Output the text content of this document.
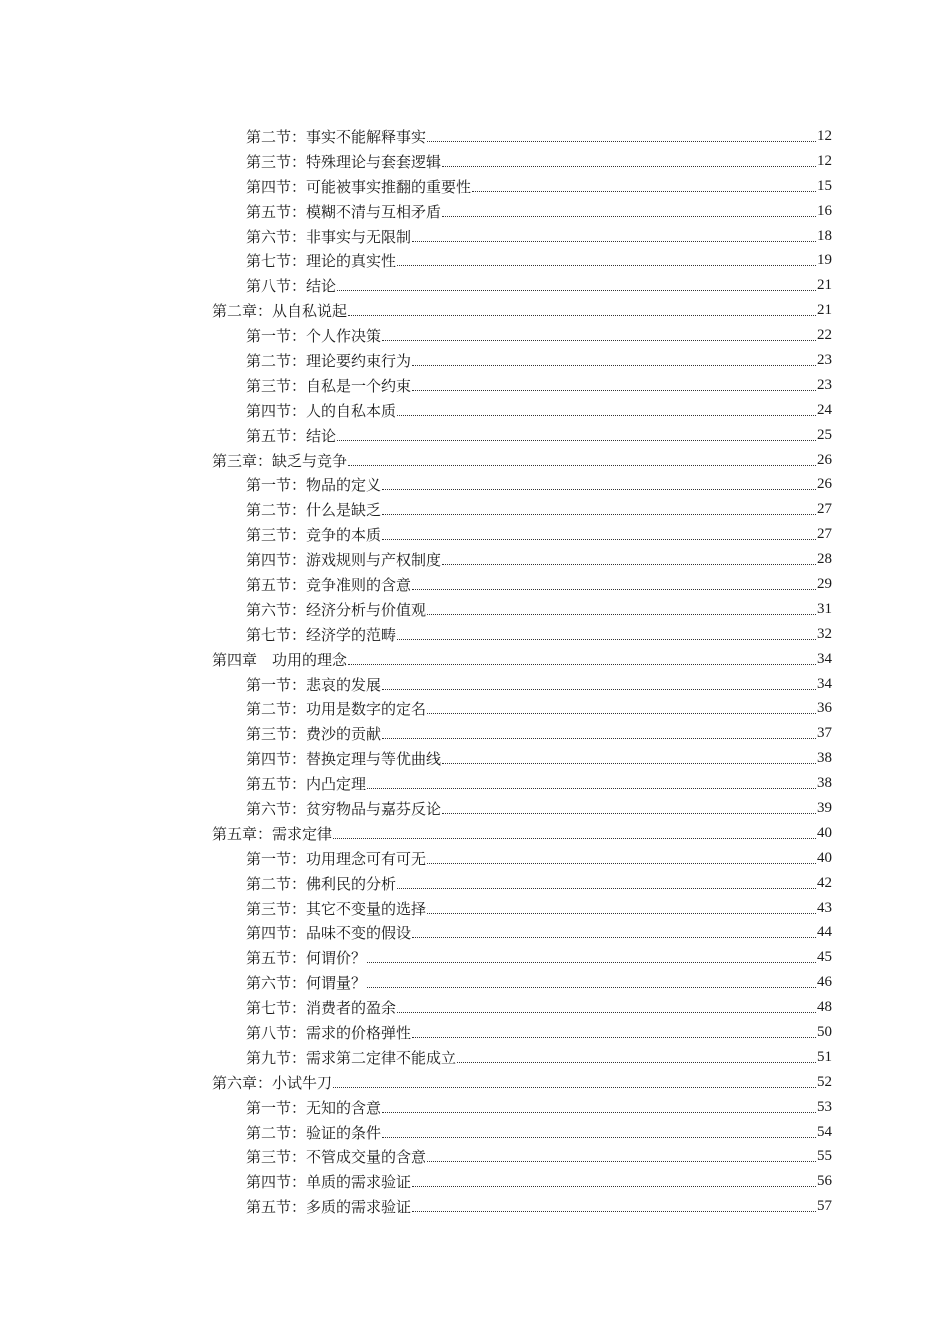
第二节：事实不能解释事实	12
第三节：特殊理论与套套逻辑	12
第四节：可能被事实推翻的重要性	15
第五节：模糊不清与互相矛盾	16
第六节：非事实与无限制	18
第七节：理论的真实性	19
第八节：结论	21
第二章：从自私说起	21
第一节：个人作决策	22
第二节：理论要约束行为	23
第三节：自私是一个约束	23
第四节：人的自私本质	24
第五节：结论	25
第三章：缺乏与竞争	26
第一节：物品的定义	26
第二节：什么是缺乏	27
第三节：竞争的本质	27
第四节：游戏规则与产权制度	28
第五节：竞争准则的含意	29
第六节：经济分析与价值观	31
第七节：经济学的范畴	32
第四章　功用的理念	34
第一节：悲哀的发展	34
第二节：功用是数字的定名	36
第三节：费沙的贡献	37
第四节：替换定理与等优曲线	38
第五节：内凸定理	38
第六节：贫穷物品与嘉芬反论	39
第五章：需求定律	40
第一节：功用理念可有可无	40
第二节：佛利民的分析	42
第三节：其它不变量的选择	43
第四节：品味不变的假设	44
第五节：何谓价？	45
第六节：何谓量？	46
第七节：消费者的盈余	48
第八节：需求的价格弹性	50
第九节：需求第二定律不能成立	51
第六章：小试牛刀	52
第一节：无知的含意	53
第二节：验证的条件	54
第三节：不管成交量的含意	55
第四节：单质的需求验证	56
第五节：多质的需求验证	57
